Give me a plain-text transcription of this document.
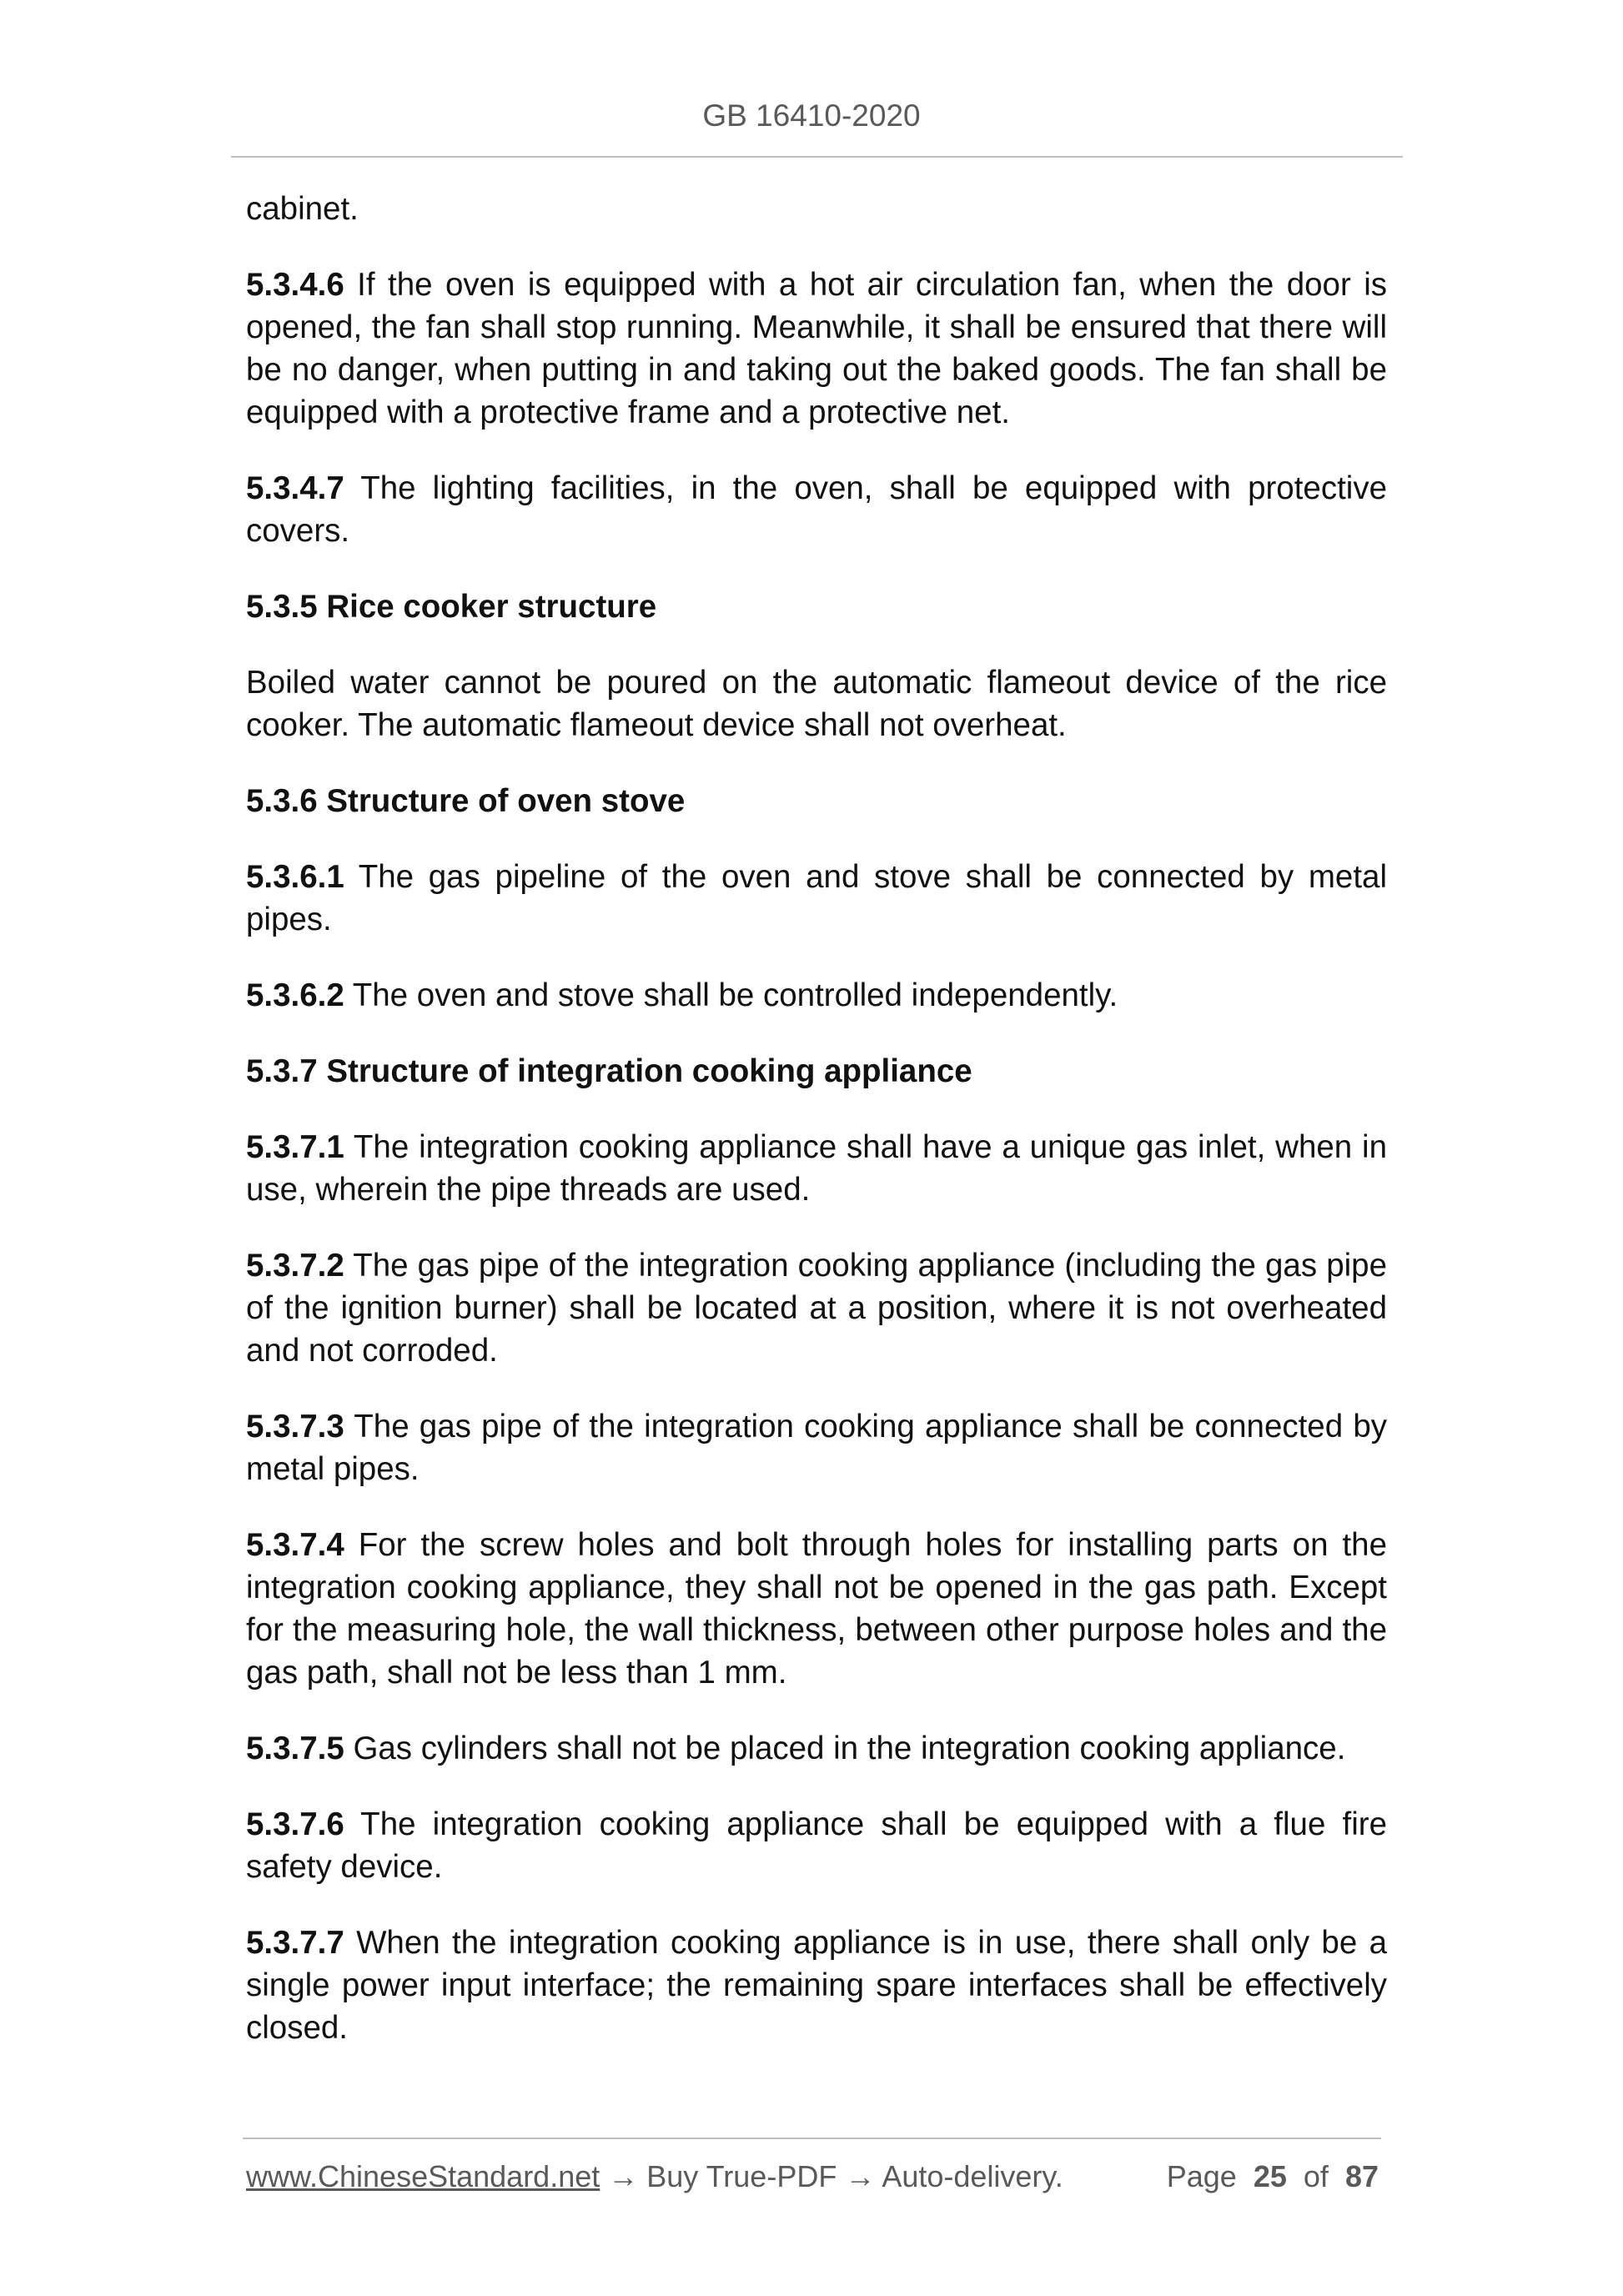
GB 16410-2020

cabinet.

5.3.4.6 If the oven is equipped with a hot air circulation fan, when the door is opened, the fan shall stop running. Meanwhile, it shall be ensured that there will be no danger, when putting in and taking out the baked goods. The fan shall be equipped with a protective frame and a protective net.

5.3.4.7 The lighting facilities, in the oven, shall be equipped with protective covers.

5.3.5 Rice cooker structure

Boiled water cannot be poured on the automatic flameout device of the rice cooker. The automatic flameout device shall not overheat.

5.3.6 Structure of oven stove

5.3.6.1 The gas pipeline of the oven and stove shall be connected by metal pipes.

5.3.6.2 The oven and stove shall be controlled independently.

5.3.7 Structure of integration cooking appliance

5.3.7.1 The integration cooking appliance shall have a unique gas inlet, when in use, wherein the pipe threads are used.

5.3.7.2 The gas pipe of the integration cooking appliance (including the gas pipe of the ignition burner) shall be located at a position, where it is not overheated and not corroded.

5.3.7.3 The gas pipe of the integration cooking appliance shall be connected by metal pipes.

5.3.7.4 For the screw holes and bolt through holes for installing parts on the integration cooking appliance, they shall not be opened in the gas path. Except for the measuring hole, the wall thickness, between other purpose holes and the gas path, shall not be less than 1 mm.

5.3.7.5 Gas cylinders shall not be placed in the integration cooking appliance.

5.3.7.6 The integration cooking appliance shall be equipped with a flue fire safety device.

5.3.7.7 When the integration cooking appliance is in use, there shall only be a single power input interface; the remaining spare interfaces shall be effectively closed.

www.ChineseStandard.net → Buy True-PDF → Auto-delivery.	Page 25 of 87
